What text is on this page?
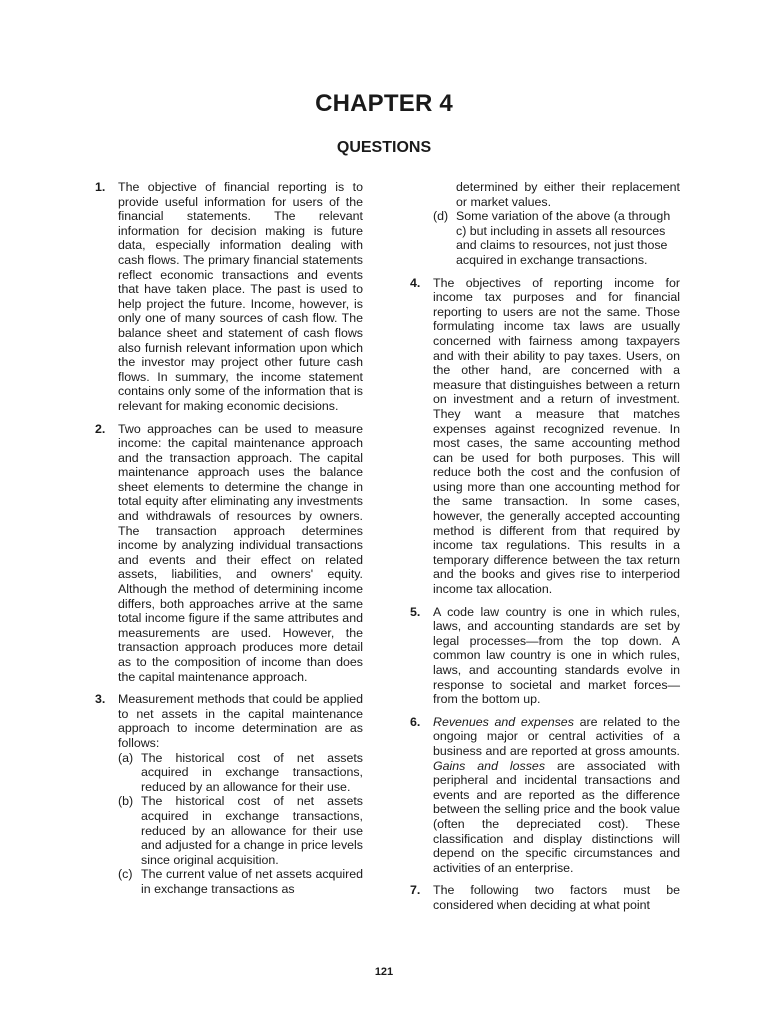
CHAPTER 4
QUESTIONS
1. The objective of financial reporting is to provide useful information for users of the financial statements. The relevant information for decision making is future data, especially information dealing with cash flows. The primary financial statements reflect economic transactions and events that have taken place. The past is used to help project the future. Income, however, is only one of many sources of cash flow. The balance sheet and statement of cash flows also furnish relevant information upon which the investor may project other future cash flows. In summary, the income statement contains only some of the information that is relevant for making economic decisions.
2. Two approaches can be used to measure income: the capital maintenance approach and the transaction approach. The capital maintenance approach uses the balance sheet elements to determine the change in total equity after eliminating any investments and withdrawals of resources by owners. The transaction approach determines income by analyzing individual transactions and events and their effect on related assets, liabilities, and owners' equity. Although the method of determining income differs, both approaches arrive at the same total income figure if the same attributes and measurements are used. However, the transaction approach produces more detail as to the composition of income than does the capital maintenance approach.
3. Measurement methods that could be applied to net assets in the capital maintenance approach to income determination are as follows:
(a) The historical cost of net assets acquired in exchange transactions, reduced by an allowance for their use.
(b) The historical cost of net assets acquired in exchange transactions, reduced by an allowance for their use and adjusted for a change in price levels since original acquisition.
(c) The current value of net assets acquired in exchange transactions as
determined by either their replacement or market values.
(d) Some variation of the above (a through c) but including in assets all resources and claims to resources, not just those acquired in exchange transactions.
4. The objectives of reporting income for income tax purposes and for financial reporting to users are not the same. Those formulating income tax laws are usually concerned with fairness among taxpayers and with their ability to pay taxes. Users, on the other hand, are concerned with a measure that distinguishes between a return on investment and a return of investment. They want a measure that matches expenses against recognized revenue. In most cases, the same accounting method can be used for both purposes. This will reduce both the cost and the confusion of using more than one accounting method for the same transaction. In some cases, however, the generally accepted accounting method is different from that required by income tax regulations. This results in a temporary difference between the tax return and the books and gives rise to interperiod income tax allocation.
5. A code law country is one in which rules, laws, and accounting standards are set by legal processes—from the top down. A common law country is one in which rules, laws, and accounting standards evolve in response to societal and market forces—from the bottom up.
6. Revenues and expenses are related to the ongoing major or central activities of a business and are reported at gross amounts. Gains and losses are associated with peripheral and incidental transactions and events and are reported as the difference between the selling price and the book value (often the depreciated cost). These classification and display distinctions will depend on the specific circumstances and activities of an enterprise.
7. The following two factors must be considered when deciding at what point
121
